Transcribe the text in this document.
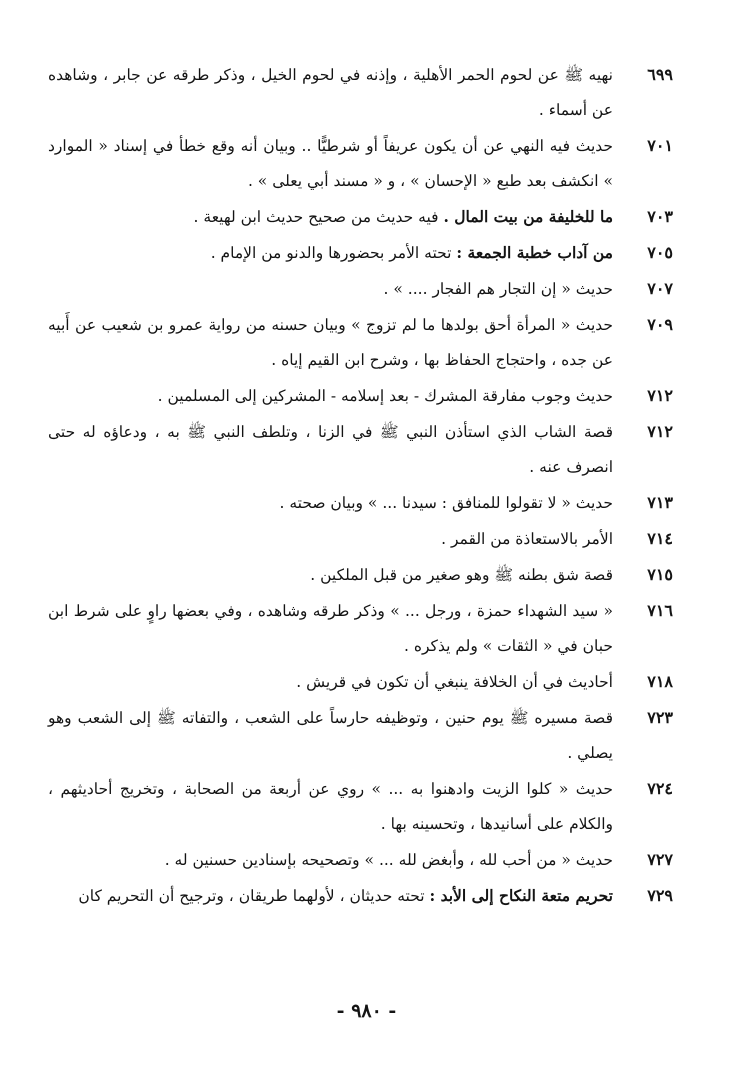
٦٩٩
نهيه ﷺ عن لحوم الحمر الأهلية ، وإذنه في لحوم الخيل ، وذكر طرقه عن جابر ، وشاهده عن أسماء .
٧٠١
حديث فيه النهي عن أن يكون عريفاً أو شرطيًّا .. وبيان أنه وقع خطأ في إسناد « الموارد » انكشف بعد طبع « الإحسان » ، و « مسند أبي يعلى » .
٧٠٣
ما للخليفة من بيت المال . فيه حديث من صحيح حديث ابن لهيعة .
٧٠٥
من آداب خطبة الجمعة : تحته الأمر بحضورها والدنو من الإمام .
٧٠٧
حديث « إن التجار هم الفجار .... » .
٧٠٩
حديث « المرأة أحق بولدها ما لم تزوج » وبيان حسنه من رواية عمرو بن شعيب عن أَبيه عن جده ، واحتجاج الحفاظ بها ، وشرح ابن القيم إياه .
٧١٢
حديث وجوب مفارقة المشرك - بعد إسلامه - المشركين إلى المسلمين .
٧١٢
قصة الشاب الذي استأذن النبي ﷺ في الزنا ، وتلطف النبي ﷺ به ، ودعاؤه له حتى انصرف عنه .
٧١٣
حديث « لا تقولوا للمنافق : سيدنا ... » وبيان صحته .
٧١٤
الأمر بالاستعاذة من القمر .
٧١٥
قصة شق بطنه ﷺ وهو صغير من قبل الملكين .
٧١٦
« سيد الشهداء حمزة ، ورجل ... » وذكر طرقه وشاهده ، وفي بعضها راوٍ على شرط ابن حبان في « الثقات » ولم يذكره .
٧١٨
أحاديث في أن الخلافة ينبغي أن تكون في قريش .
٧٢٣
قصة مسيره ﷺ يوم حنين ، وتوظيفه حارساً على الشعب ، والتفاته ﷺ إلى الشعب وهو يصلي .
٧٢٤
حديث « كلوا الزيت وادهنوا به ... » روي عن أربعة من الصحابة ، وتخريج أحاديثهم ، والكلام على أسانيدها ، وتحسينه بها .
٧٢٧
حديث « من أحب لله ، وأبغض لله ... » وتصحيحه بإسنادين حسنين له .
٧٢٩
تحريم متعة النكاح إلى الأبد : تحته حديثان ، لأولهما طريقان ، وترجيح أن التحريم كان
- ٩٨٠ -
